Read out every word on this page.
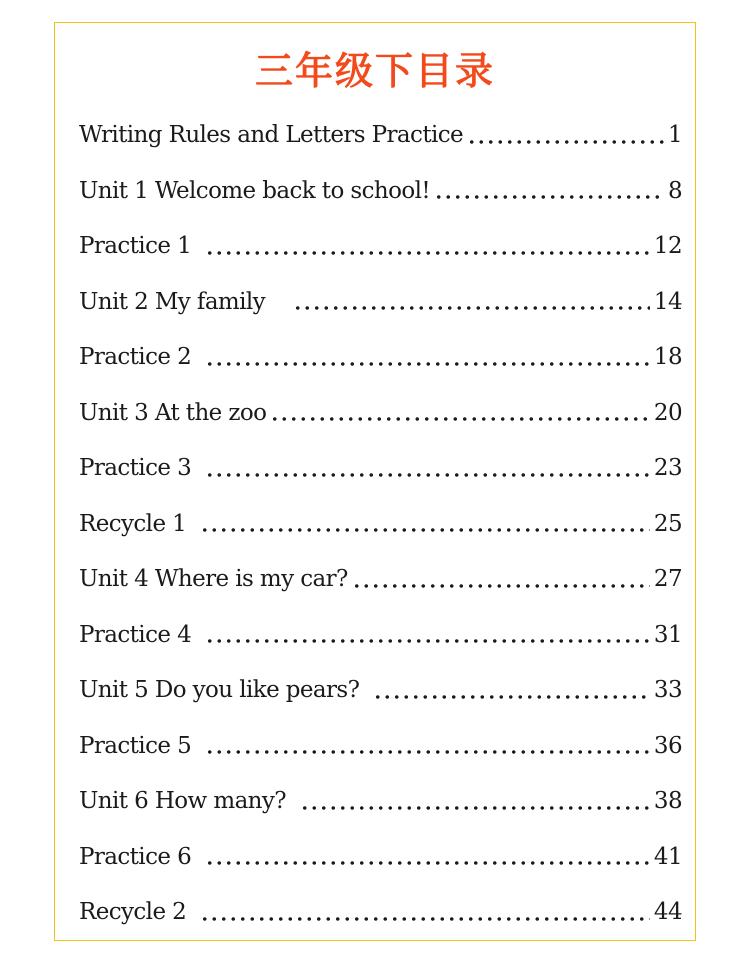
三年级下目录
Writing Rules and Letters Practice	1
Unit 1 Welcome back to school!	8
Practice 1	12
Unit 2 My family	14
Practice 2	18
Unit 3 At the zoo	20
Practice 3	23
Recycle 1	25
Unit 4 Where is my car?	27
Practice 4	31
Unit 5 Do you like pears?	33
Practice 5	36
Unit 6 How many?	38
Practice 6	41
Recycle 2	44
